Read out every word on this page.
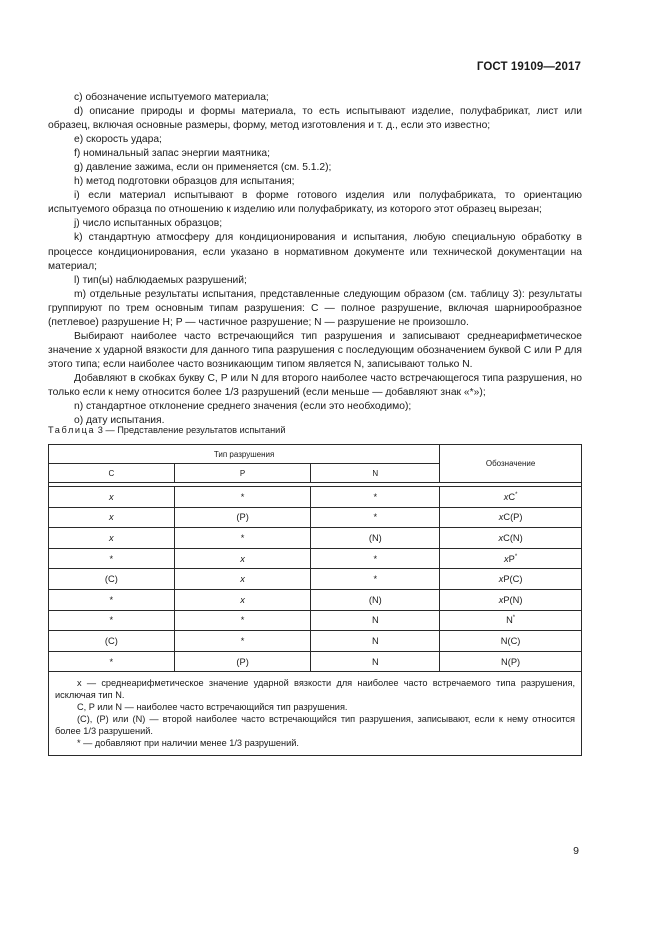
ГОСТ 19109—2017

c) обозначение испытуемого материала;

d) описание природы и формы материала, то есть испытывают изделие, полуфабрикат, лист или образец, включая основные размеры, форму, метод изготовления и т. д., если это известно;

e) скорость удара;

f) номинальный запас энергии маятника;

g) давление зажима, если он применяется (см. 5.1.2);

h) метод подготовки образцов для испытания;

i) если материал испытывают в форме готового изделия или полуфабриката, то ориентацию испытуемого образца по отношению к изделию или полуфабрикату, из которого этот образец вырезан;

j) число испытанных образцов;

k) стандартную атмосферу для кондиционирования и испытания, любую специальную обработку в процессе кондиционирования, если указано в нормативном документе или технической документации на материал;

l) тип(ы) наблюдаемых разрушений;

m) отдельные результаты испытания, представленные следующим образом (см. таблицу 3): результаты группируют по трем основным типам разрушения: C — полное разрушение, включая шарнирообразное (петлевое) разрушение H; P — частичное разрушение; N — разрушение не произошло.

Выбирают наиболее часто встречающийся тип разрушения и записывают среднеарифметическое значение x ударной вязкости для данного типа разрушения с последующим обозначением буквой C или P для этого типа; если наиболее часто возникающим типом является N, записывают только N.

Добавляют в скобках букву C, P или N для второго наиболее часто встречающегося типа разрушения, но только если к нему относится более 1/3 разрушений (если меньше — добавляют знак «*»);

n) стандартное отклонение среднего значения (если это необходимо);

o) дату испытания.

Таблица 3 — Представление результатов испытаний
Тип разрушения			Обозначение
C	P	N	

x	*	*	xC*
x	(P)	*	xC(P)
x	*	(N)	xC(N)
*	x	*	xP*
(C)	x	*	xP(C)
*	x	(N)	xP(N)
*	*	N	N*
(C)	*	N	N(C)
*	(P)	N	N(P)

x — среднеарифметическое значение ударной вязкости для наиболее часто встречаемого типа разрушения, исключая тип N.

C, P или N — наиболее часто встречающийся тип разрушения.

(C), (P) или (N) — второй наиболее часто встречающийся тип разрушения, записывают, если к нему относится более 1/3 разрушений.

* — добавляют при наличии менее 1/3 разрушений.			

9
